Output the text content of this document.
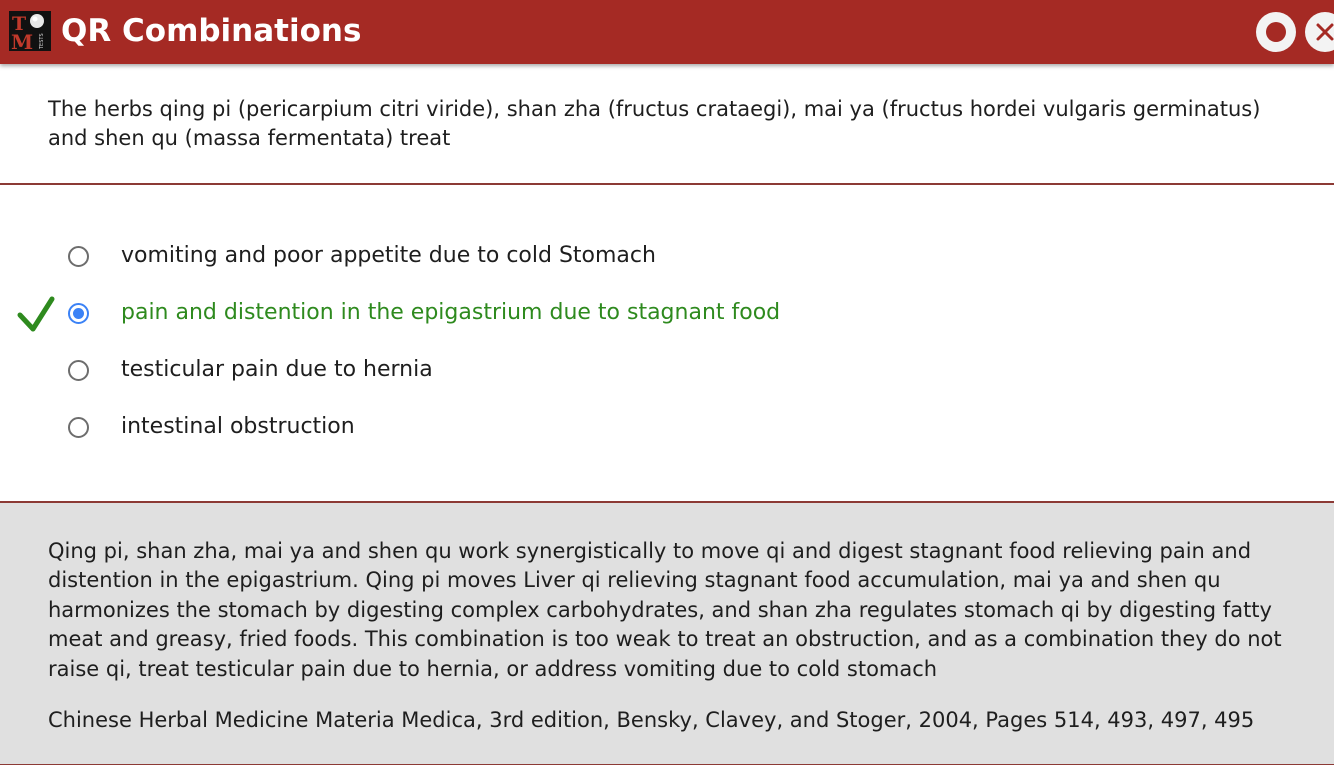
T
M TESTS QR Combinations
The herbs qing pi (pericarpium citri viride), shan zha (fructus crataegi), mai ya (fructus hordei vulgaris germinatus) and shen qu (massa fermentata) treat
vomiting and poor appetite due to cold Stomach
pain and distention in the epigastrium due to stagnant food
testicular pain due to hernia
intestinal obstruction
Qing pi, shan zha, mai ya and shen qu work synergistically to move qi and digest stagnant food relieving pain and distention in the epigastrium. Qing pi moves Liver qi relieving stagnant food accumulation, mai ya and shen qu harmonizes the stomach by digesting complex carbohydrates, and shan zha regulates stomach qi by digesting fatty meat and greasy, fried foods. This combination is too weak to treat an obstruction, and as a combination they do not raise qi, treat testicular pain due to hernia, or address vomiting due to cold stomach
Chinese Herbal Medicine Materia Medica, 3rd edition, Bensky, Clavey, and Stoger, 2004, Pages 514, 493, 497, 495
